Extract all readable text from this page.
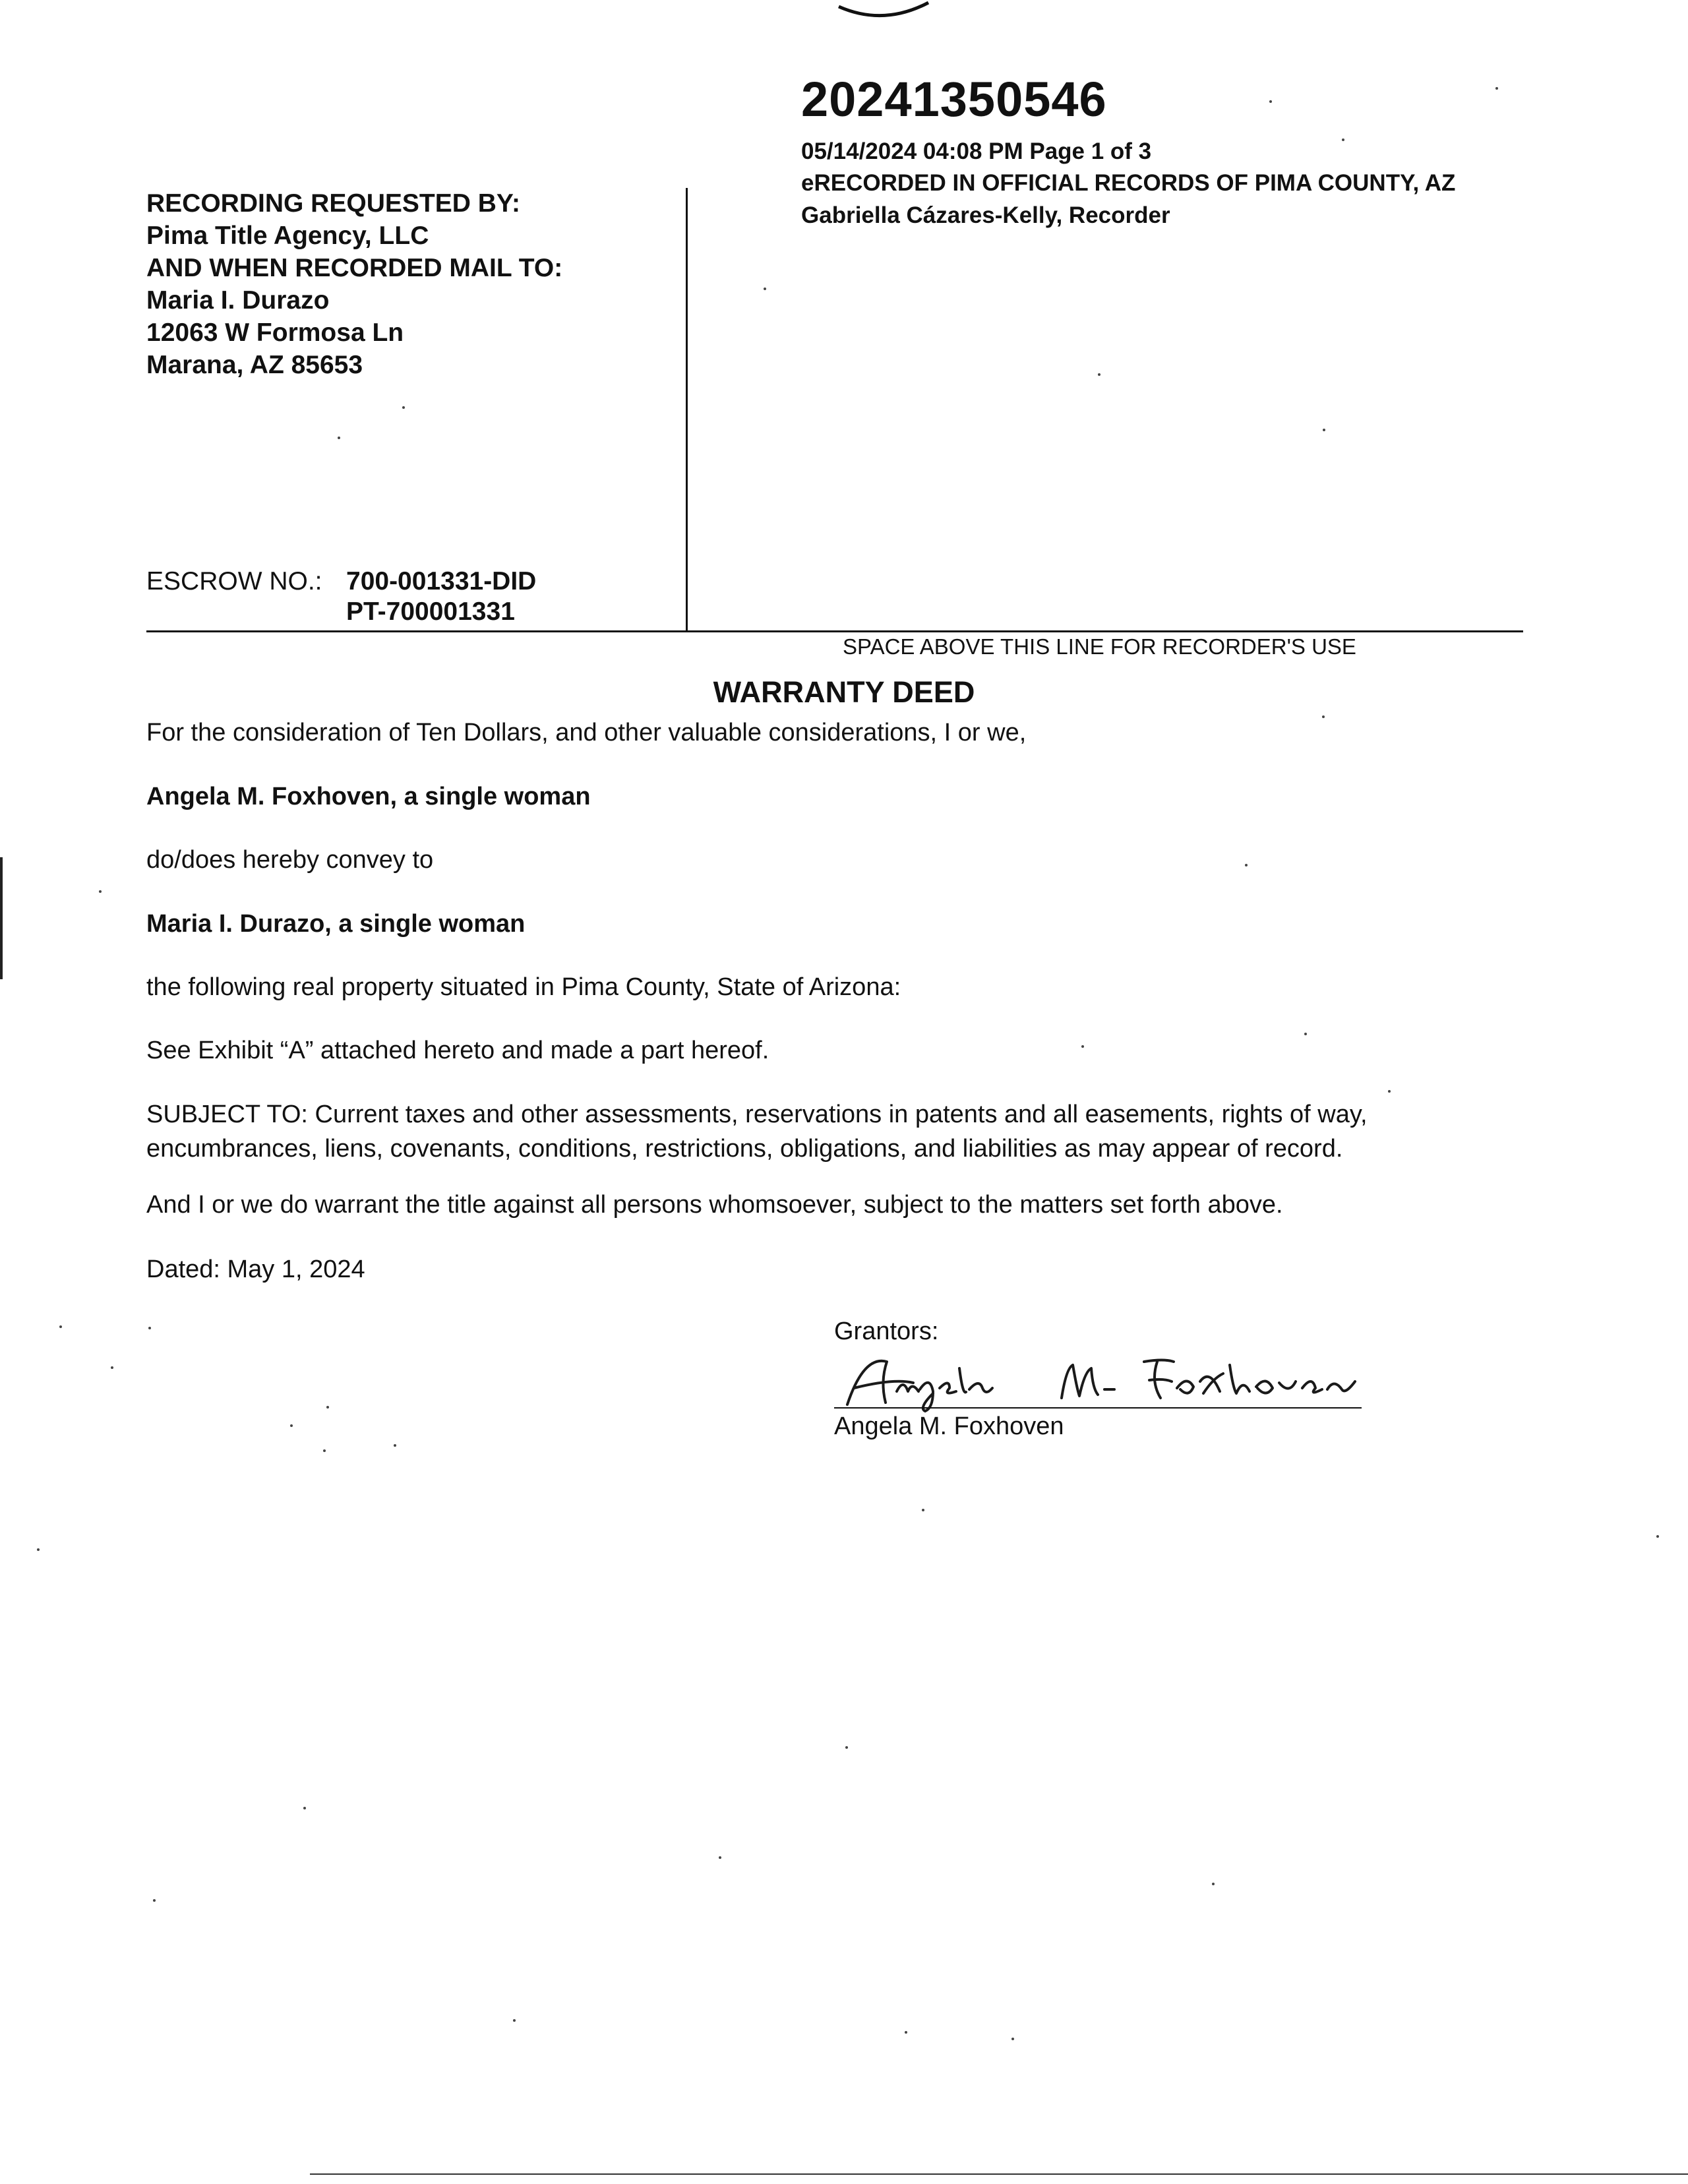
20241350546
05/14/2024 04:08 PM Page 1 of 3
eRECORDED IN OFFICIAL RECORDS OF PIMA COUNTY, AZ
Gabriella Cázares-Kelly, Recorder
RECORDING REQUESTED BY:
Pima Title Agency, LLC
AND WHEN RECORDED MAIL TO:
Maria I. Durazo
12063 W Formosa Ln
Marana, AZ 85653
ESCROW NO.: 700-001331-DID
PT-700001331
SPACE ABOVE THIS LINE FOR RECORDER'S USE
WARRANTY DEED
For the consideration of Ten Dollars, and other valuable considerations, I or we,
Angela M. Foxhoven, a single woman
do/does hereby convey to
Maria I. Durazo, a single woman
the following real property situated in Pima County, State of Arizona:
See Exhibit “A” attached hereto and made a part hereof.
SUBJECT TO: Current taxes and other assessments, reservations in patents and all easements, rights of way, encumbrances, liens, covenants, conditions, restrictions, obligations, and liabilities as may appear of record.
And I or we do warrant the title against all persons whomsoever, subject to the matters set forth above.
Dated: May 1, 2024
Grantors:
Angela M. Foxhoven
